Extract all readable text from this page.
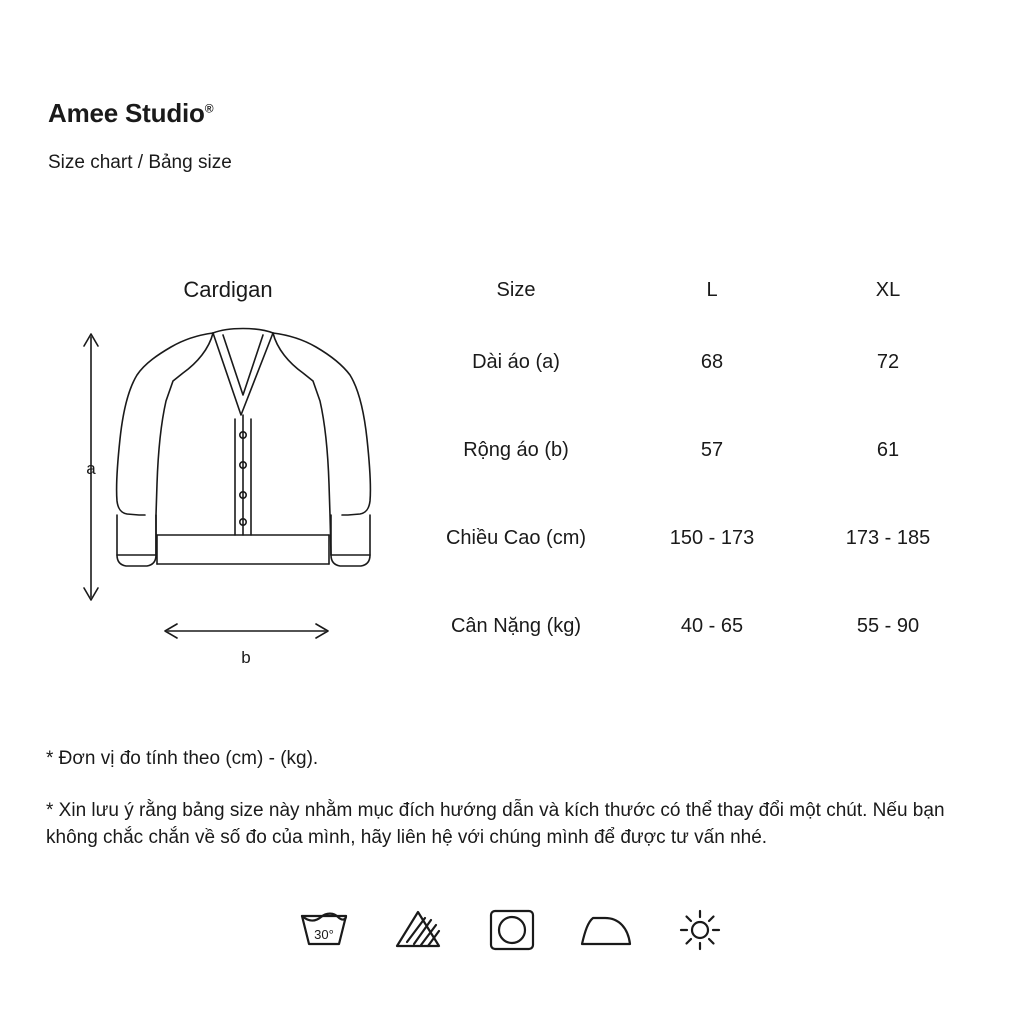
Amee Studio®
Size chart / Bảng size
Cardigan	Size	L	XL

a
b	Dài áo (a)	68	72
	Rộng áo (b)	57	61
	Chiều Cao (cm)	150 - 173	173 - 185
	Cân Nặng (kg)	40 - 65	55 - 90

* Đơn vị đo tính theo (cm) - (kg).

* Xin lưu ý rằng bảng size này nhằm mục đích hướng dẫn và kích thước có thể thay đổi một chút. Nếu bạn không chắc chắn về số đo của mình, hãy liên hệ với chúng mình để được tư vấn nhé.

30°
